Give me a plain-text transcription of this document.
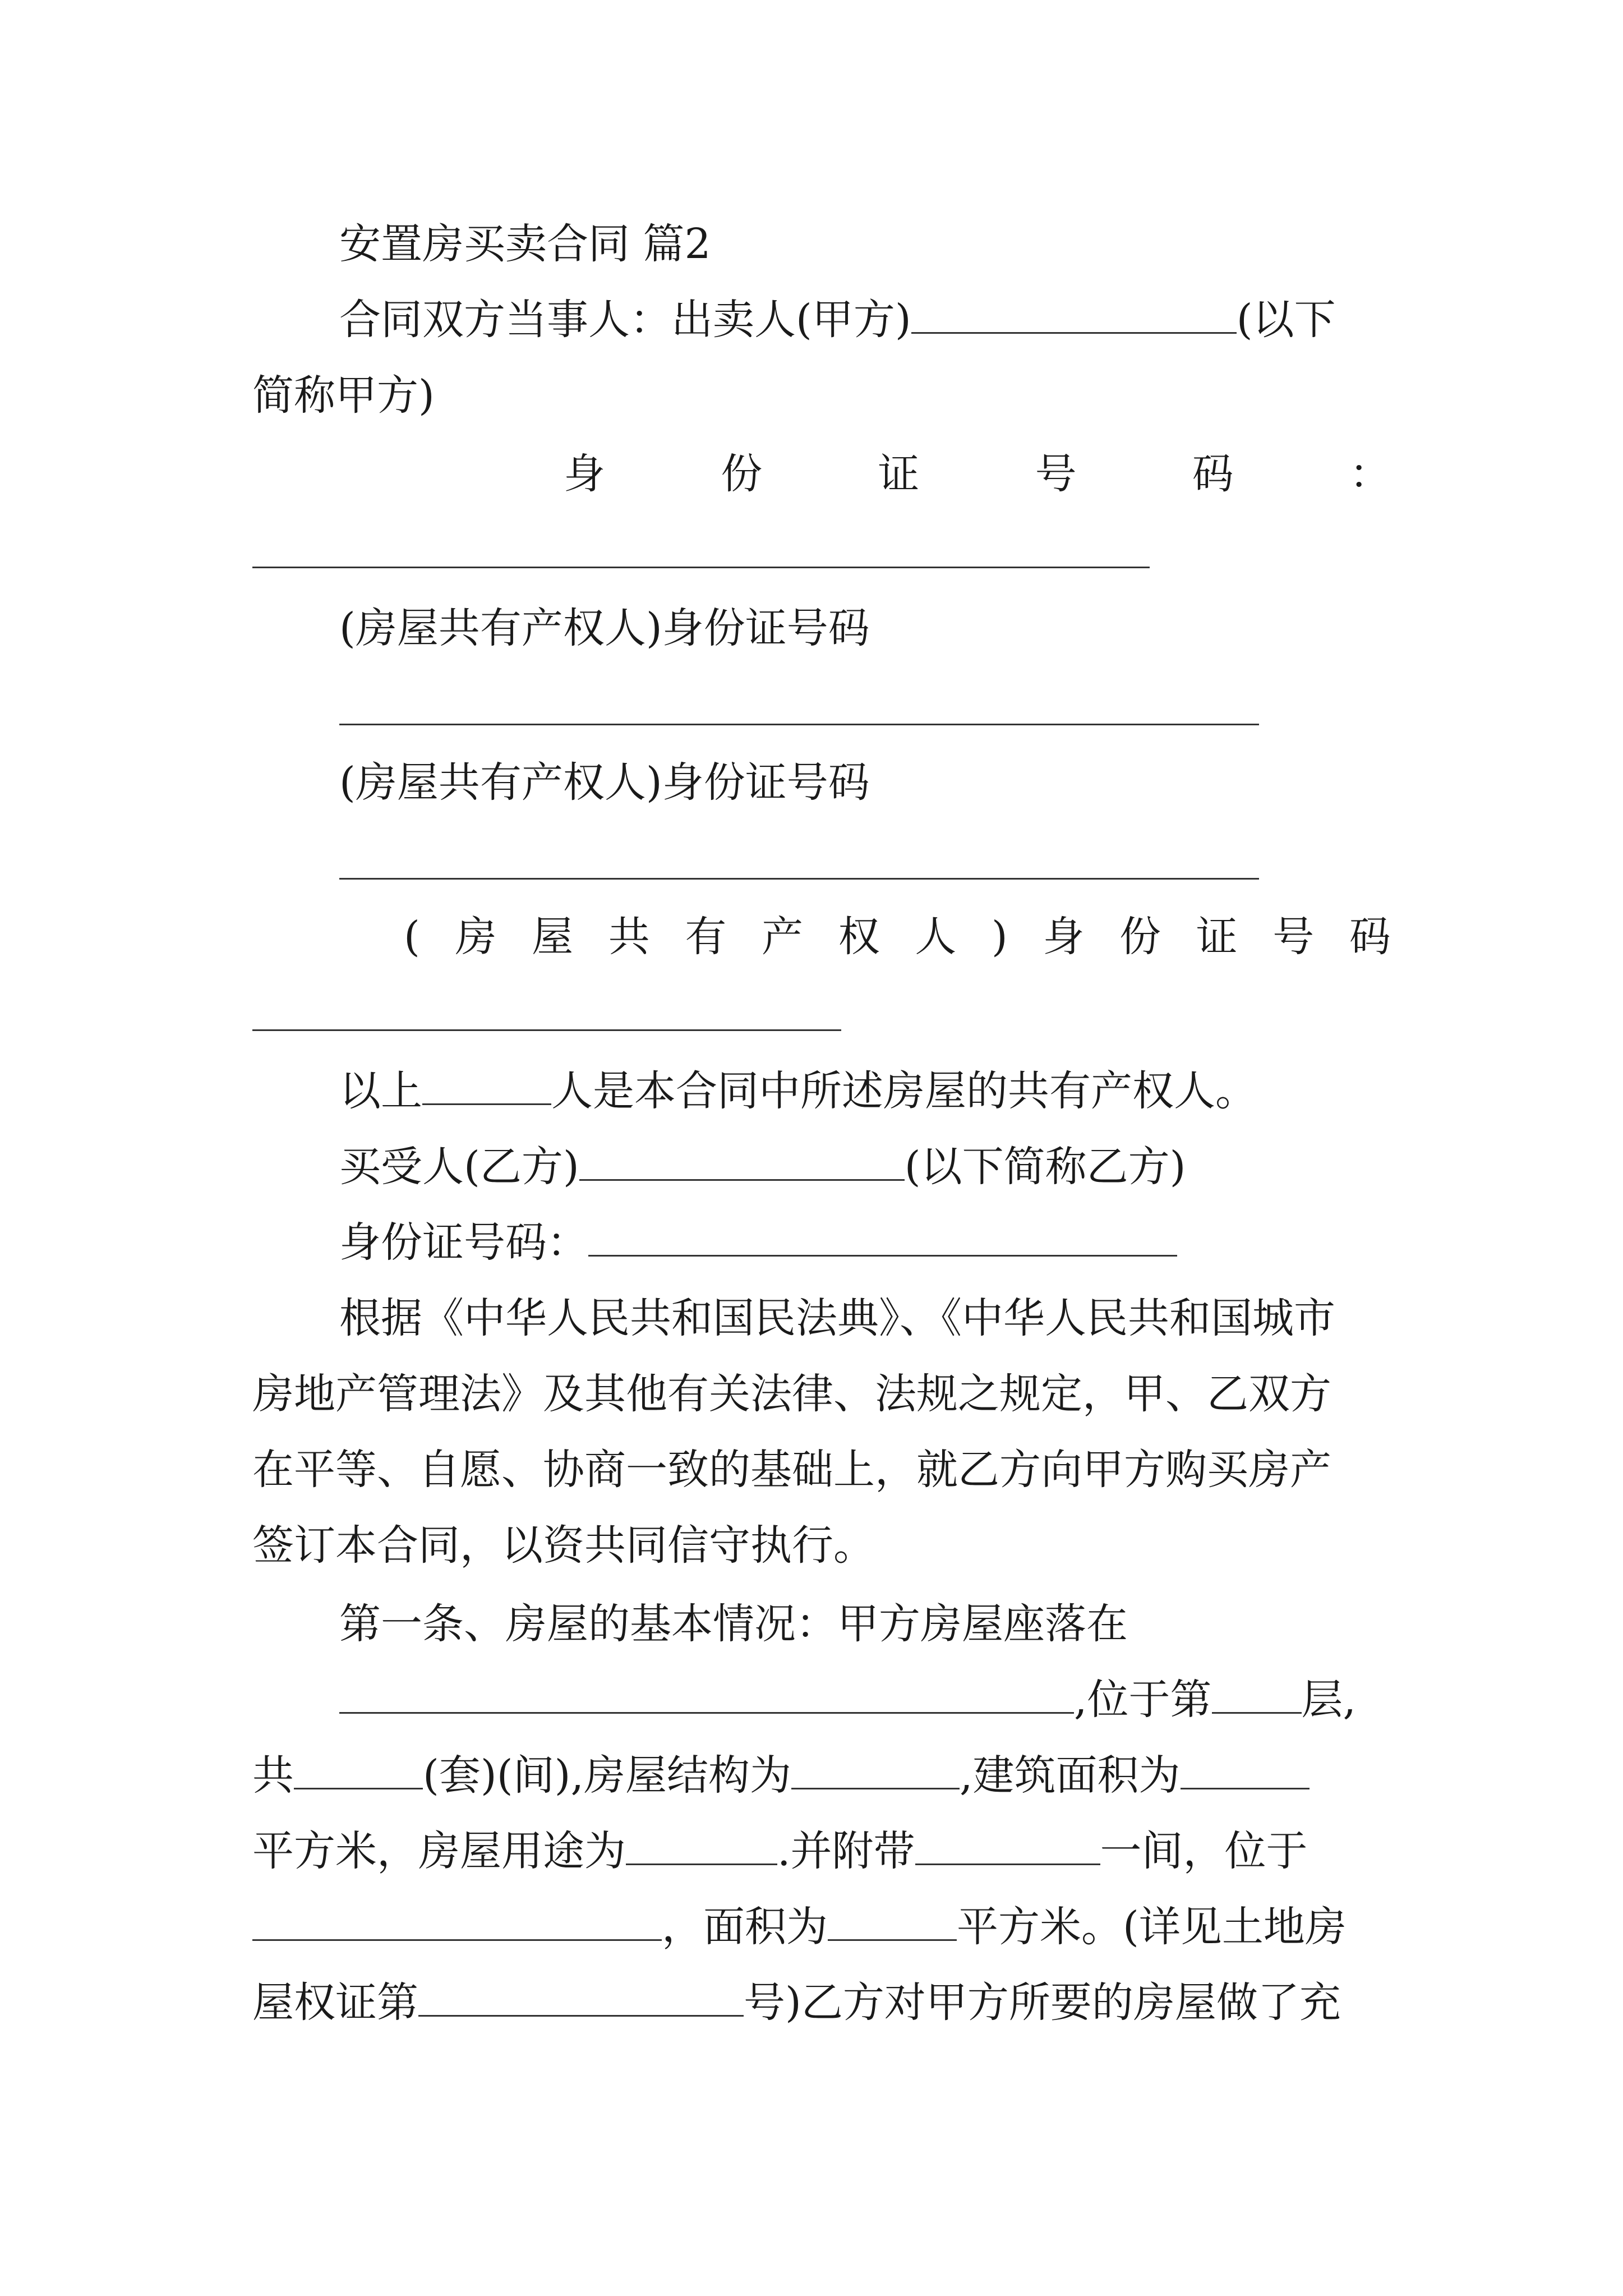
安置房买卖合同 篇2
合同双方当事人：出卖人(甲方)	(以下
简称甲方)
身	份	证	号	码	：
(房屋共有产权人)身份证号码
(房屋共有产权人)身份证号码
( 房 屋 共 有 产 权 人 ) 身 份 证 号 码
以上	人是本合同中所述房屋的共有产权人。
买受人(乙方)	(以下简称乙方)
身份证号码：
根据《中华人民共和国民法典》、《中华人民共和国城市
房地产管理法》及其他有关法律、法规之规定，甲、乙双方
在平等、自愿、协商一致的基础上，就乙方向甲方购买房产
签订本合同，以资共同信守执行。
第一条、房屋的基本情况：甲方房屋座落在
,位于第 层,
共	(套)(间),房屋结构为	,建筑面积为
平方米，房屋用途为	.并附带	一间，位于
，面积为	平方米。(详见土地房
屋权证第	号)乙方对甲方所要的房屋做了充
